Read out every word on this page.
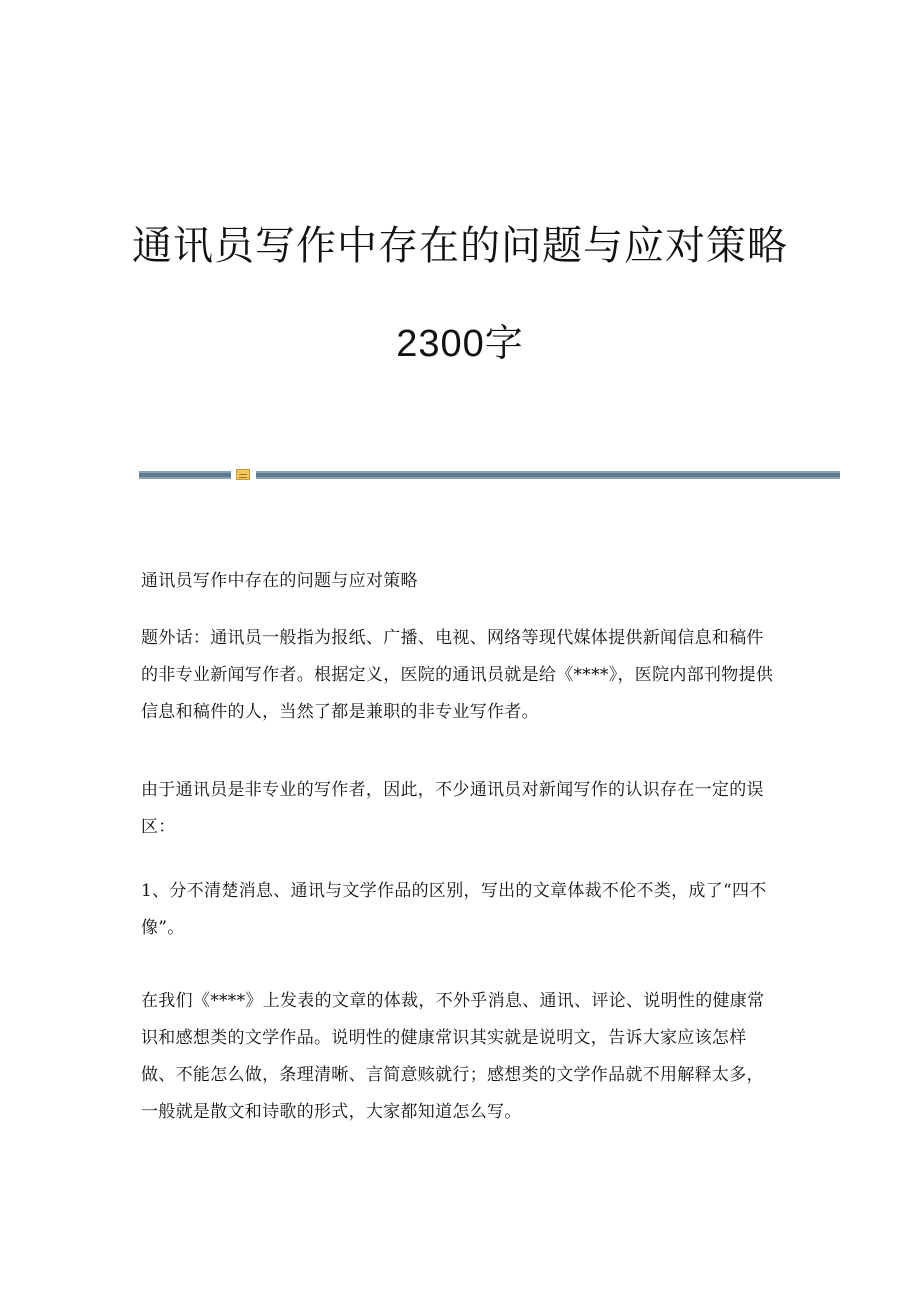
通讯员写作中存在的问题与应对策略
2300字

通讯员写作中存在的问题与应对策略

题外话：通讯员一般指为报纸、广播、电视、网络等现代媒体提供新闻信息和稿件的非专业新闻写作者。根据定义，医院的通讯员就是给《****》，医院内部刊物提供信息和稿件的人，当然了都是兼职的非专业写作者。

由于通讯员是非专业的写作者，因此，不少通讯员对新闻写作的认识存在一定的误区：

1、分不清楚消息、通讯与文学作品的区别，写出的文章体裁不伦不类，成了“四不像”。

在我们《****》上发表的文章的体裁，不外乎消息、通讯、评论、说明性的健康常识和感想类的文学作品。说明性的健康常识其实就是说明文，告诉大家应该怎样做、不能怎么做，条理清晰、言简意赅就行；感想类的文学作品就不用解释太多，一般就是散文和诗歌的形式，大家都知道怎么写。
